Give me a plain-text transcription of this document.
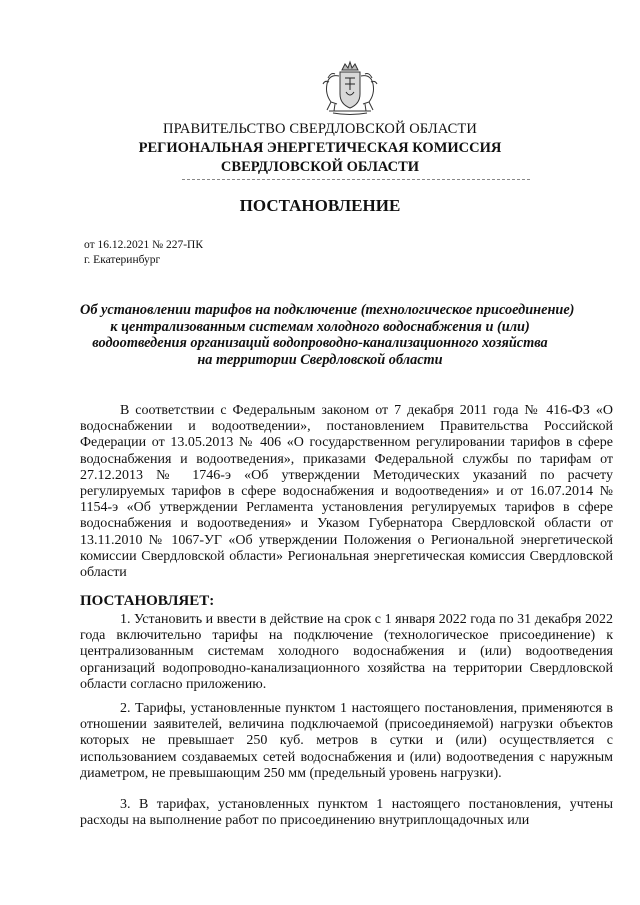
ПРАВИТЕЛЬСТВО СВЕРДЛОВСКОЙ ОБЛАСТИ
РЕГИОНАЛЬНАЯ ЭНЕРГЕТИЧЕСКАЯ КОМИССИЯ
СВЕРДЛОВСКОЙ ОБЛАСТИ
ПОСТАНОВЛЕНИЕ
от 16.12.2021 № 227-ПК
г. Екатеринбург
Об установлении тарифов на подключение (технологическое присоединение)
к централизованным системам холодного водоснабжения и (или)
водоотведения организаций водопроводно-канализационного хозяйства
на территории Свердловской области
В соответствии с Федеральным законом от 7 декабря 2011 года № 416-ФЗ «О водоснабжении и водоотведении», постановлением Правительства Российской Федерации от 13.05.2013 № 406 «О государственном регулировании тарифов в сфере водоснабжения и водоотведения», приказами Федеральной службы по тарифам от 27.12.2013 № 1746-э «Об утверждении Методических указаний по расчету регулируемых тарифов в сфере водоснабжения и водоотведения» и от 16.07.2014 № 1154-э «Об утверждении Регламента установления регулируемых тарифов в сфере водоснабжения и водоотведения» и Указом Губернатора Свердловской области от 13.11.2010 № 1067-УГ «Об утверждении Положения о Региональной энергетической комиссии Свердловской области» Региональная энергетическая комиссия Свердловской области
ПОСТАНОВЛЯЕТ:
1. Установить и ввести в действие на срок с 1 января 2022 года по 31 декабря 2022 года включительно тарифы на подключение (технологическое присоединение) к централизованным системам холодного водоснабжения и (или) водоотведения организаций водопроводно-канализационного хозяйства на территории Свердловской области согласно приложению.
2. Тарифы, установленные пунктом 1 настоящего постановления, применяются в отношении заявителей, величина подключаемой (присоединяемой) нагрузки объектов которых не превышает 250 куб. метров в сутки и (или) осуществляется с использованием создаваемых сетей водоснабжения и (или) водоотведения с наружным диаметром, не превышающим 250 мм (предельный уровень нагрузки).
3. В тарифах, установленных пунктом 1 настоящего постановления, учтены расходы на выполнение работ по присоединению внутриплощадочных или
